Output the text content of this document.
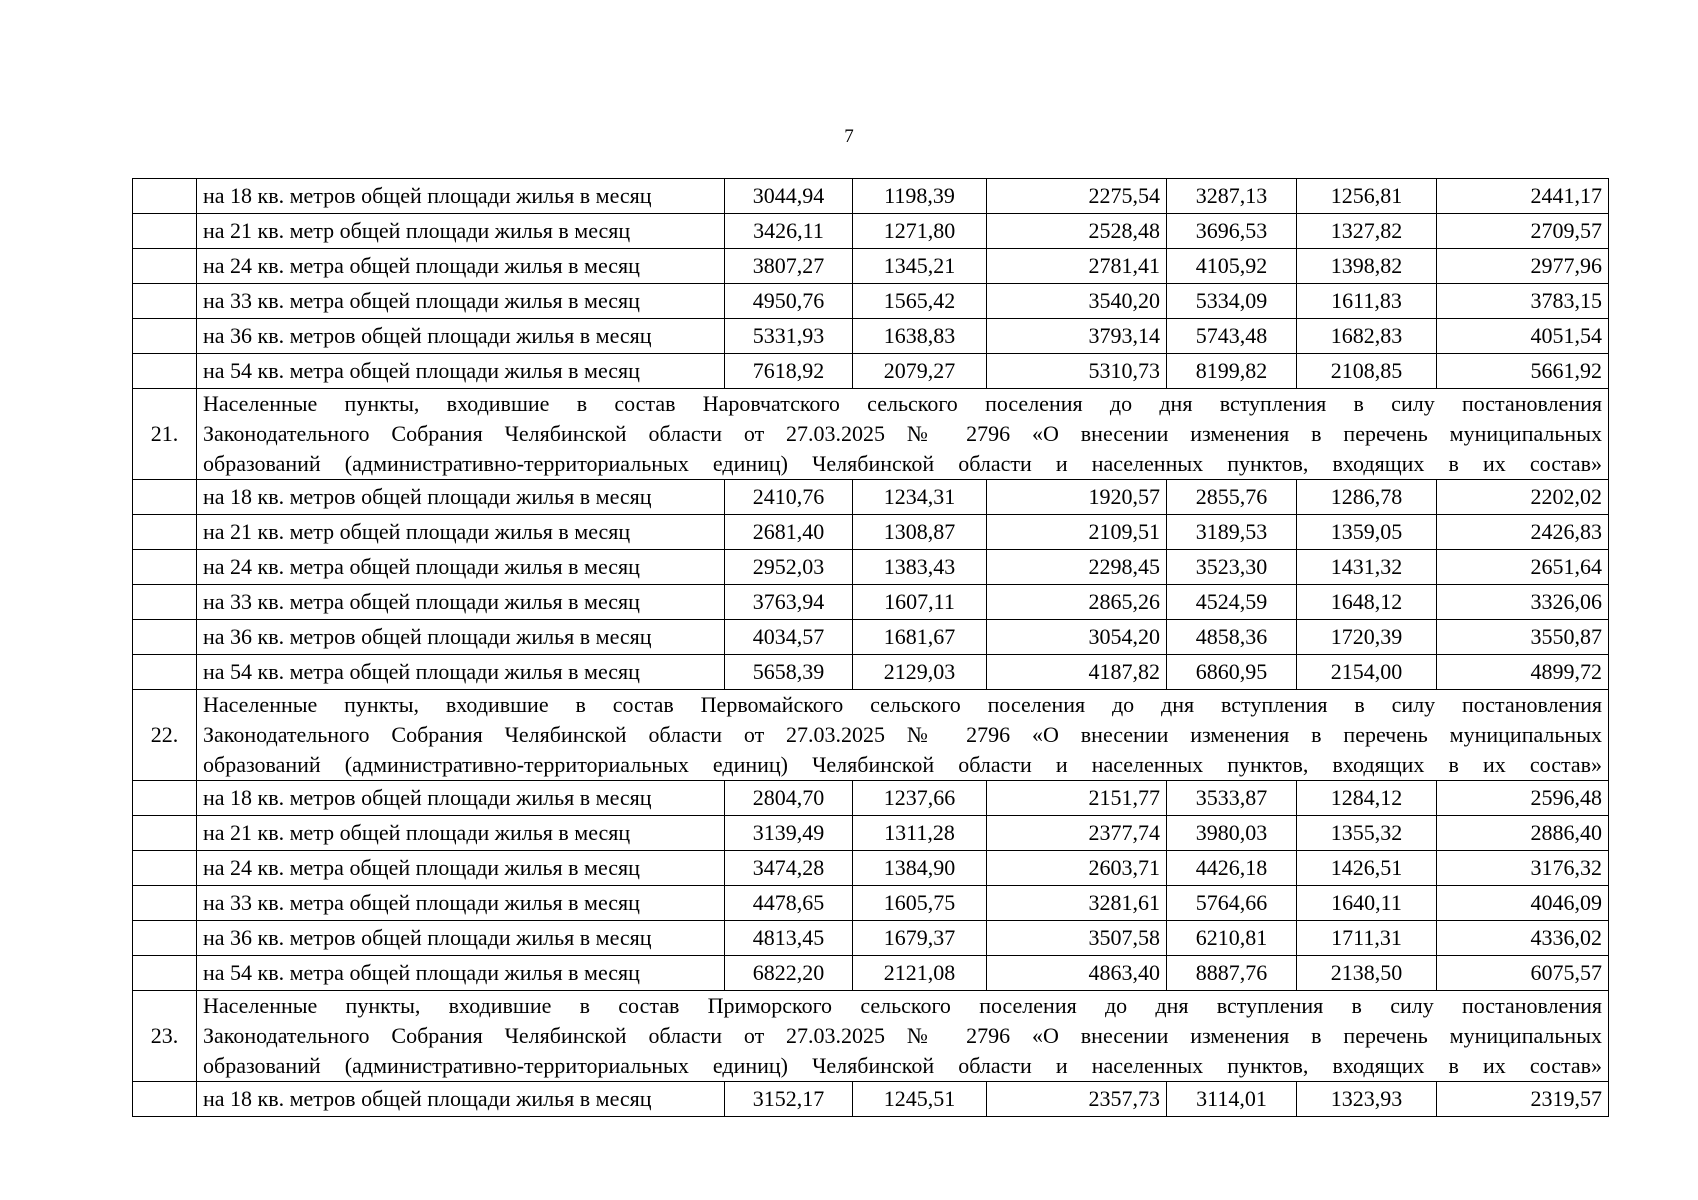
7
	на 18 кв. метров общей площади жилья в месяц	3044,94	1198,39	2275,54	3287,13	1256,81	2441,17
	на 21 кв. метр общей площади жилья в месяц	3426,11	1271,80	2528,48	3696,53	1327,82	2709,57
	на 24 кв. метра общей площади жилья в месяц	3807,27	1345,21	2781,41	4105,92	1398,82	2977,96
	на 33 кв. метра общей площади жилья в месяц	4950,76	1565,42	3540,20	5334,09	1611,83	3783,15
	на 36 кв. метров общей площади жилья в месяц	5331,93	1638,83	3793,14	5743,48	1682,83	4051,54
	на 54 кв. метра общей площади жилья в месяц	7618,92	2079,27	5310,73	8199,82	2108,85	5661,92
21.	Населенные пункты, входившие в состав Наровчатского сельского поселения до дня вступления в силу постановления
Законодательного Собрания Челябинской области от 27.03.2025 № 2796 «О внесении изменения в перечень муниципальных
образований (административно-территориальных единиц) Челябинской области и населенных пунктов, входящих в их состав»						

	на 18 кв. метров общей площади жилья в месяц	2410,76	1234,31	1920,57	2855,76	1286,78	2202,02
	на 21 кв. метр общей площади жилья в месяц	2681,40	1308,87	2109,51	3189,53	1359,05	2426,83
	на 24 кв. метра общей площади жилья в месяц	2952,03	1383,43	2298,45	3523,30	1431,32	2651,64
	на 33 кв. метра общей площади жилья в месяц	3763,94	1607,11	2865,26	4524,59	1648,12	3326,06
	на 36 кв. метров общей площади жилья в месяц	4034,57	1681,67	3054,20	4858,36	1720,39	3550,87
	на 54 кв. метра общей площади жилья в месяц	5658,39	2129,03	4187,82	6860,95	2154,00	4899,72
22.	Населенные пункты, входившие в состав Первомайского сельского поселения до дня вступления в силу постановления
Законодательного Собрания Челябинской области от 27.03.2025 № 2796 «О внесении изменения в перечень муниципальных
образований (административно-территориальных единиц) Челябинской области и населенных пунктов, входящих в их состав»						

	на 18 кв. метров общей площади жилья в месяц	2804,70	1237,66	2151,77	3533,87	1284,12	2596,48
	на 21 кв. метр общей площади жилья в месяц	3139,49	1311,28	2377,74	3980,03	1355,32	2886,40
	на 24 кв. метра общей площади жилья в месяц	3474,28	1384,90	2603,71	4426,18	1426,51	3176,32
	на 33 кв. метра общей площади жилья в месяц	4478,65	1605,75	3281,61	5764,66	1640,11	4046,09
	на 36 кв. метров общей площади жилья в месяц	4813,45	1679,37	3507,58	6210,81	1711,31	4336,02
	на 54 кв. метра общей площади жилья в месяц	6822,20	2121,08	4863,40	8887,76	2138,50	6075,57
23.	Населенные пункты, входившие в состав Приморского сельского поселения до дня вступления в силу постановления
Законодательного Собрания Челябинской области от 27.03.2025 № 2796 «О внесении изменения в перечень муниципальных
образований (административно-территориальных единиц) Челябинской области и населенных пунктов, входящих в их состав»						

	на 18 кв. метров общей площади жилья в месяц	3152,17	1245,51	2357,73	3114,01	1323,93	2319,57
